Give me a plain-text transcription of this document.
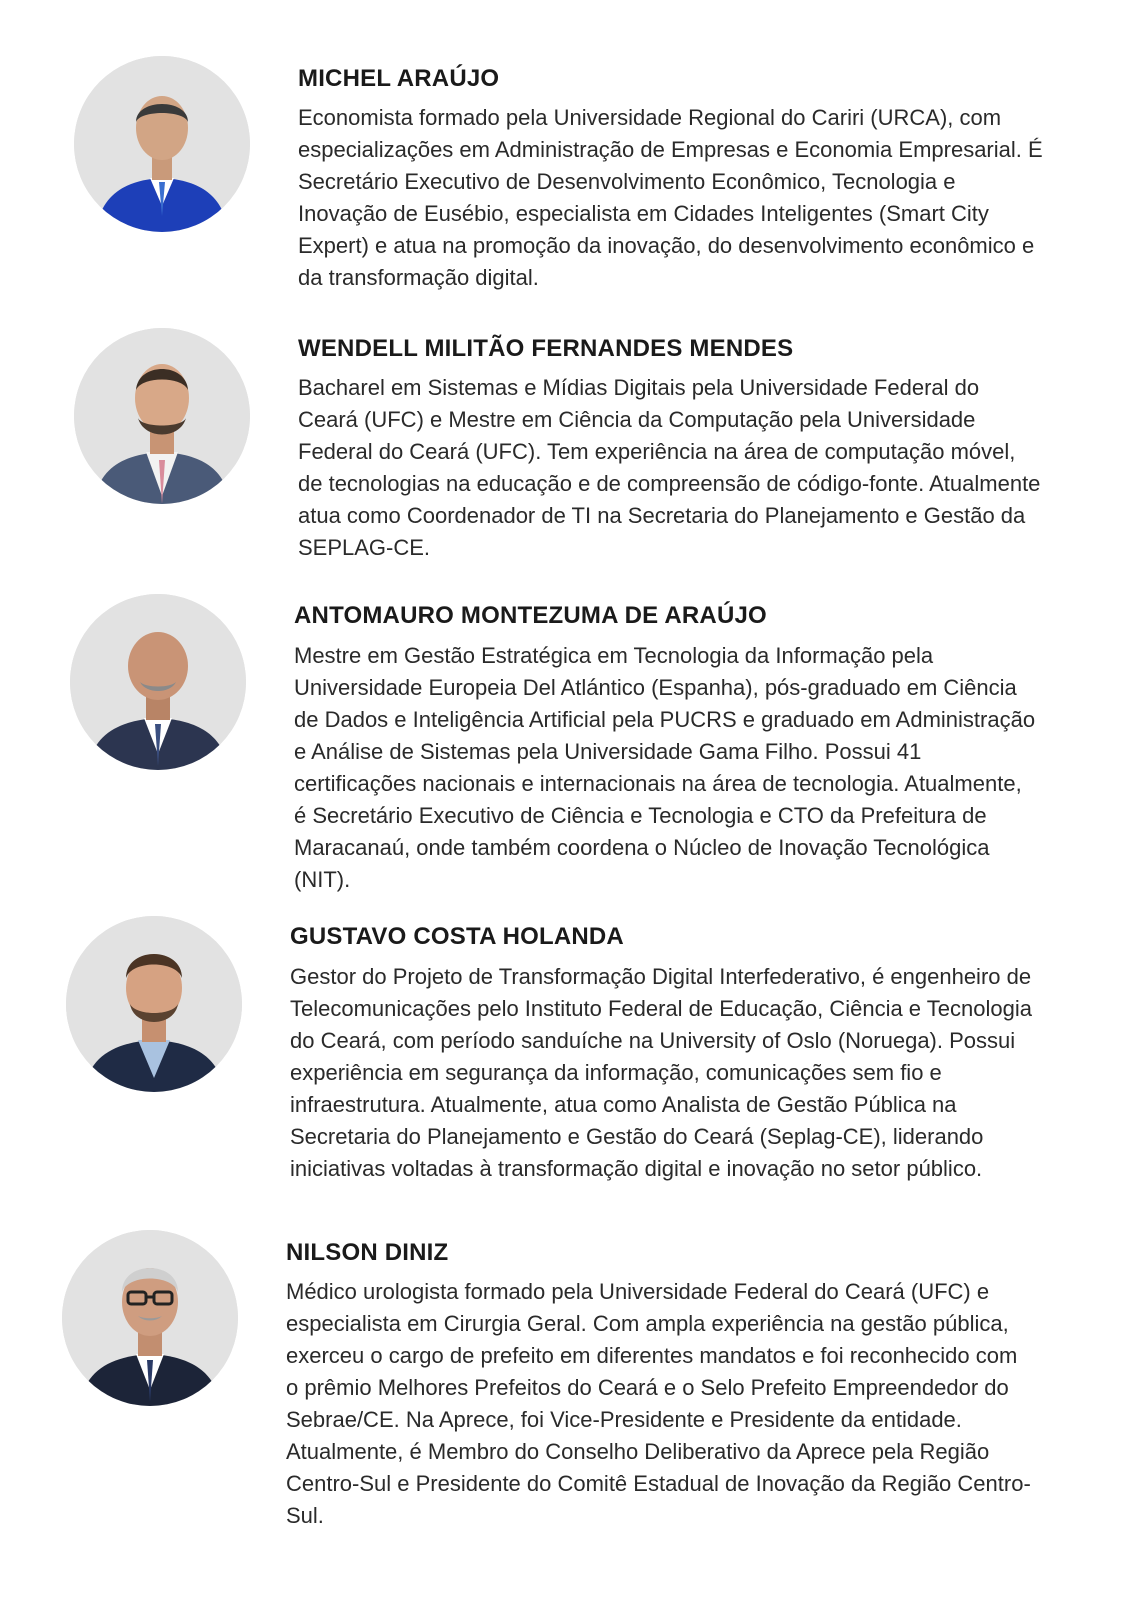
MICHEL ARAÚJO

Economista formado pela Universidade Regional do Cariri (URCA), com especializações em Administração de Empresas e Economia Empresarial. É Secretário Executivo de Desenvolvimento Econômico, Tecnologia e Inovação de Eusébio, especialista em Cidades Inteligentes (Smart City Expert) e atua na promoção da inovação, do desenvolvimento econômico e da transformação digital.

WENDELL MILITÃO FERNANDES MENDES

Bacharel em Sistemas e Mídias Digitais pela Universidade Federal do Ceará (UFC) e Mestre em Ciência da Computação pela Universidade Federal do Ceará (UFC). Tem experiência na área de computação móvel, de tecnologias na educação e de compreensão de código-fonte. Atualmente atua como Coordenador de TI na Secretaria do Planejamento e Gestão da SEPLAG-CE.

ANTOMAURO MONTEZUMA DE ARAÚJO

Mestre em Gestão Estratégica em Tecnologia da Informação pela Universidade Europeia Del Atlántico (Espanha), pós-graduado em Ciência de Dados e Inteligência Artificial pela PUCRS e graduado em Administração e Análise de Sistemas pela Universidade Gama Filho. Possui 41 certificações nacionais e internacionais na área de tecnologia. Atualmente, é Secretário Executivo de Ciência e Tecnologia e CTO da Prefeitura de Maracanaú, onde também coordena o Núcleo de Inovação Tecnológica (NIT).

GUSTAVO COSTA HOLANDA

Gestor do Projeto de Transformação Digital Interfederativo, é engenheiro de Telecomunicações pelo Instituto Federal de Educação, Ciência e Tecnologia do Ceará, com período sanduíche na University of Oslo (Noruega). Possui experiência em segurança da informação, comunicações sem fio e infraestrutura. Atualmente, atua como Analista de Gestão Pública na Secretaria do Planejamento e Gestão do Ceará (Seplag-CE), liderando iniciativas voltadas à transformação digital e inovação no setor público.

NILSON DINIZ

Médico urologista formado pela Universidade Federal do Ceará (UFC) e especialista em Cirurgia Geral. Com ampla experiência na gestão pública, exerceu o cargo de prefeito em diferentes mandatos e foi reconhecido com o prêmio Melhores Prefeitos do Ceará e o Selo Prefeito Empreendedor do Sebrae/CE. Na Aprece, foi Vice-Presidente e Presidente da entidade. Atualmente, é Membro do Conselho Deliberativo da Aprece pela Região Centro-Sul e Presidente do Comitê Estadual de Inovação da Região Centro-Sul.
